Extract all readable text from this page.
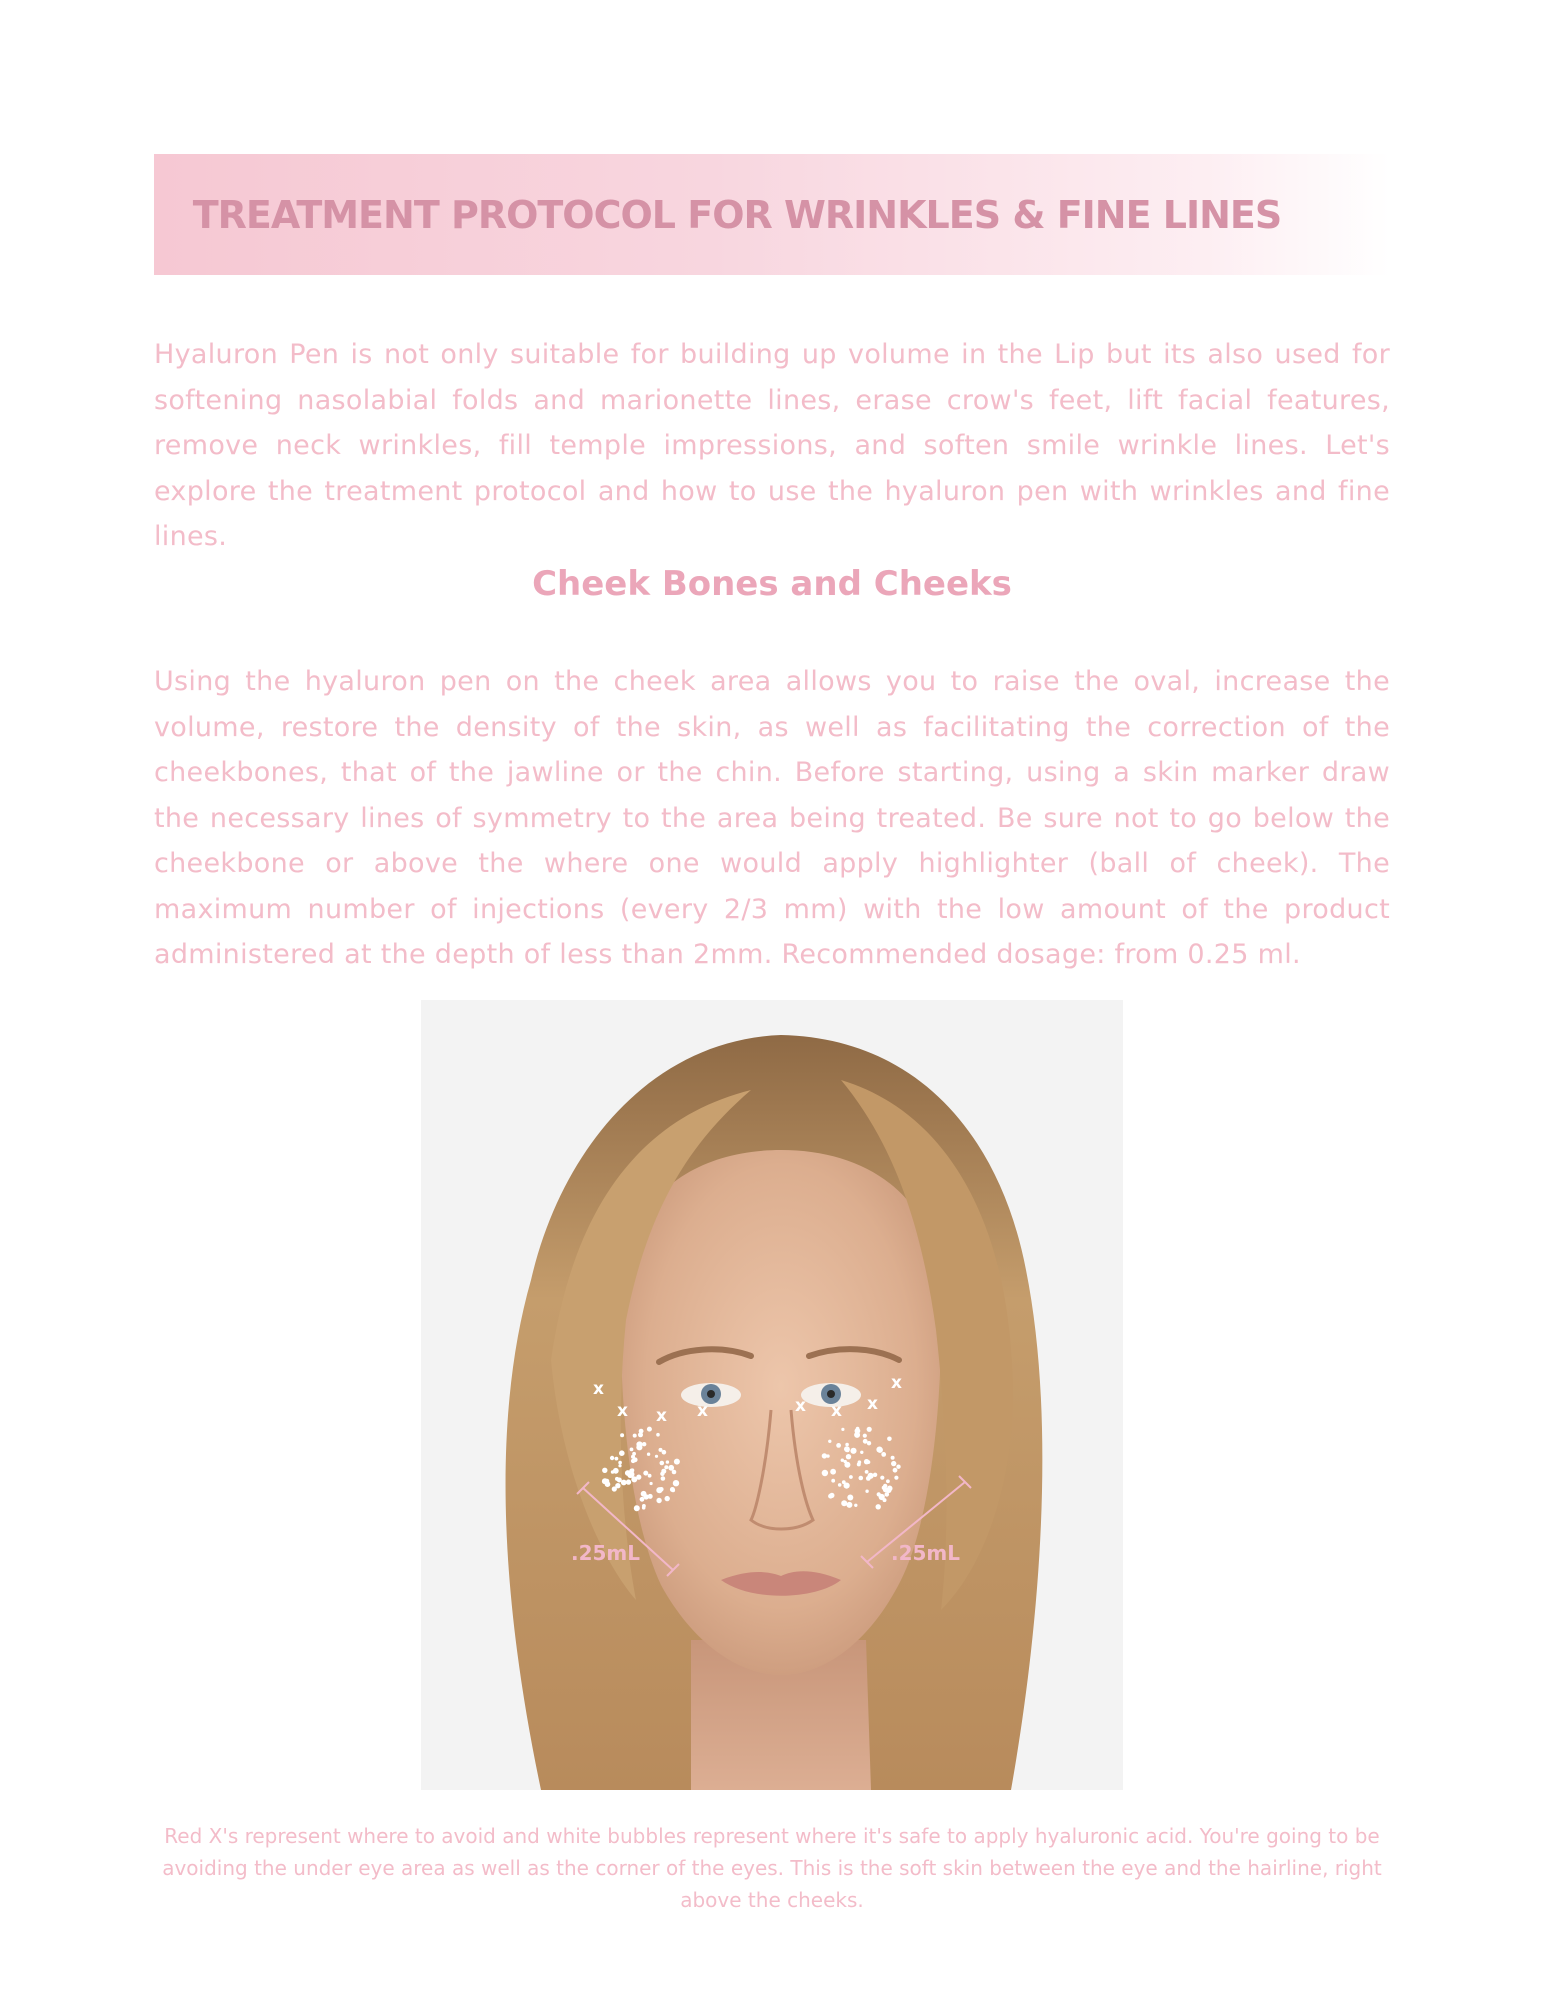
TREATMENT PROTOCOL FOR WRINKLES & FINE LINES

Hyaluron Pen is not only suitable for building up volume in the Lip but its also used for softening nasolabial folds and marionette lines, erase crow's feet, lift facial features, remove neck wrinkles, fill temple impressions, and soften smile wrinkle lines. Let's explore the treatment protocol and how to use the hyaluron pen with wrinkles and fine lines.

Cheek Bones and Cheeks

Using the hyaluron pen on the cheek area allows you to raise the oval, increase the volume, restore the density of the skin, as well as facilitating the correction of the cheekbones, that of the jawline or the chin. Before starting, using a skin marker draw the necessary lines of symmetry to the area being treated. Be sure not to go below the cheekbone or above the where one would apply highlighter (ball of cheek). The maximum number of injections (every 2/3 mm) with the low amount of the product administered at the depth of less than 2mm. Recommended dosage: from 0.25 ml.

x
x x x	x x x
x
.25mL	.25mL

Red X's represent where to avoid and white bubbles represent where it's safe to apply hyaluronic acid. You're going to be avoiding the under eye area as well as the corner of the eyes. This is the soft skin between the eye and the hairline, right above the cheeks.
